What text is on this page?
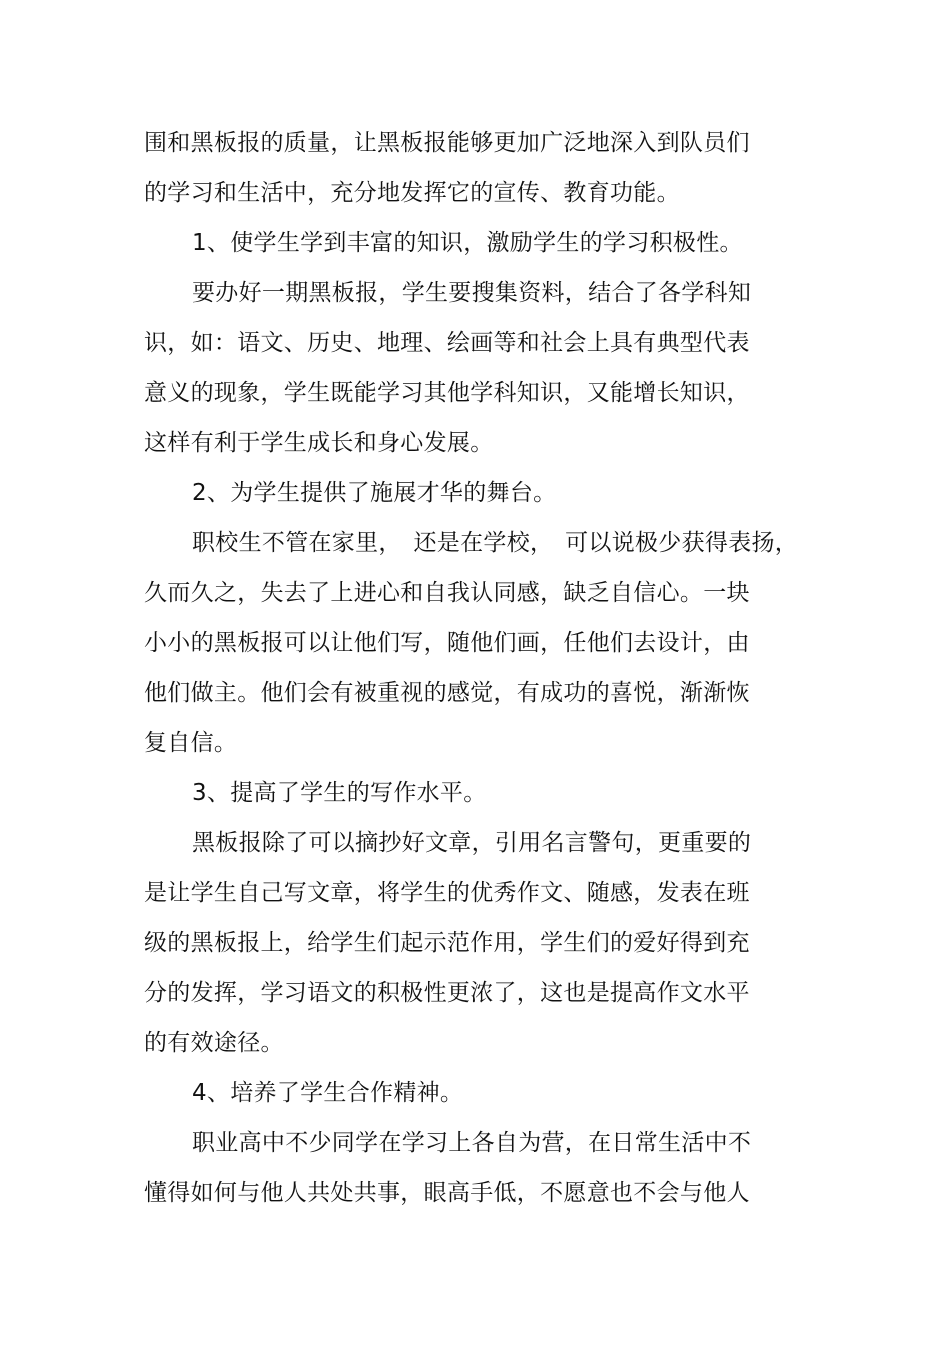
围和黑板报的质量，让黑板报能够更加广泛地深入到队员们
的学习和生活中，充分地发挥它的宣传、教育功能。
1、使学生学到丰富的知识，激励学生的学习积极性。
要办好一期黑板报，学生要搜集资料，结合了各学科知
识，如：语文、历史、地理、绘画等和社会上具有典型代表
意义的现象，学生既能学习其他学科知识，又能增长知识，
这样有利于学生成长和身心发展。
2、为学生提供了施展才华的舞台。
职校生不管在家里，　还是在学校，　可以说极少获得表扬，
久而久之，失去了上进心和自我认同感，缺乏自信心。一块
小小的黑板报可以让他们写，随他们画，任他们去设计，由
他们做主。他们会有被重视的感觉，有成功的喜悦，渐渐恢
复自信。
3、提高了学生的写作水平。
黑板报除了可以摘抄好文章，引用名言警句，更重要的
是让学生自己写文章，将学生的优秀作文、随感，发表在班
级的黑板报上，给学生们起示范作用，学生们的爱好得到充
分的发挥，学习语文的积极性更浓了，这也是提高作文水平
的有效途径。
4、培养了学生合作精神。
职业高中不少同学在学习上各自为营，在日常生活中不
懂得如何与他人共处共事，眼高手低，不愿意也不会与他人
